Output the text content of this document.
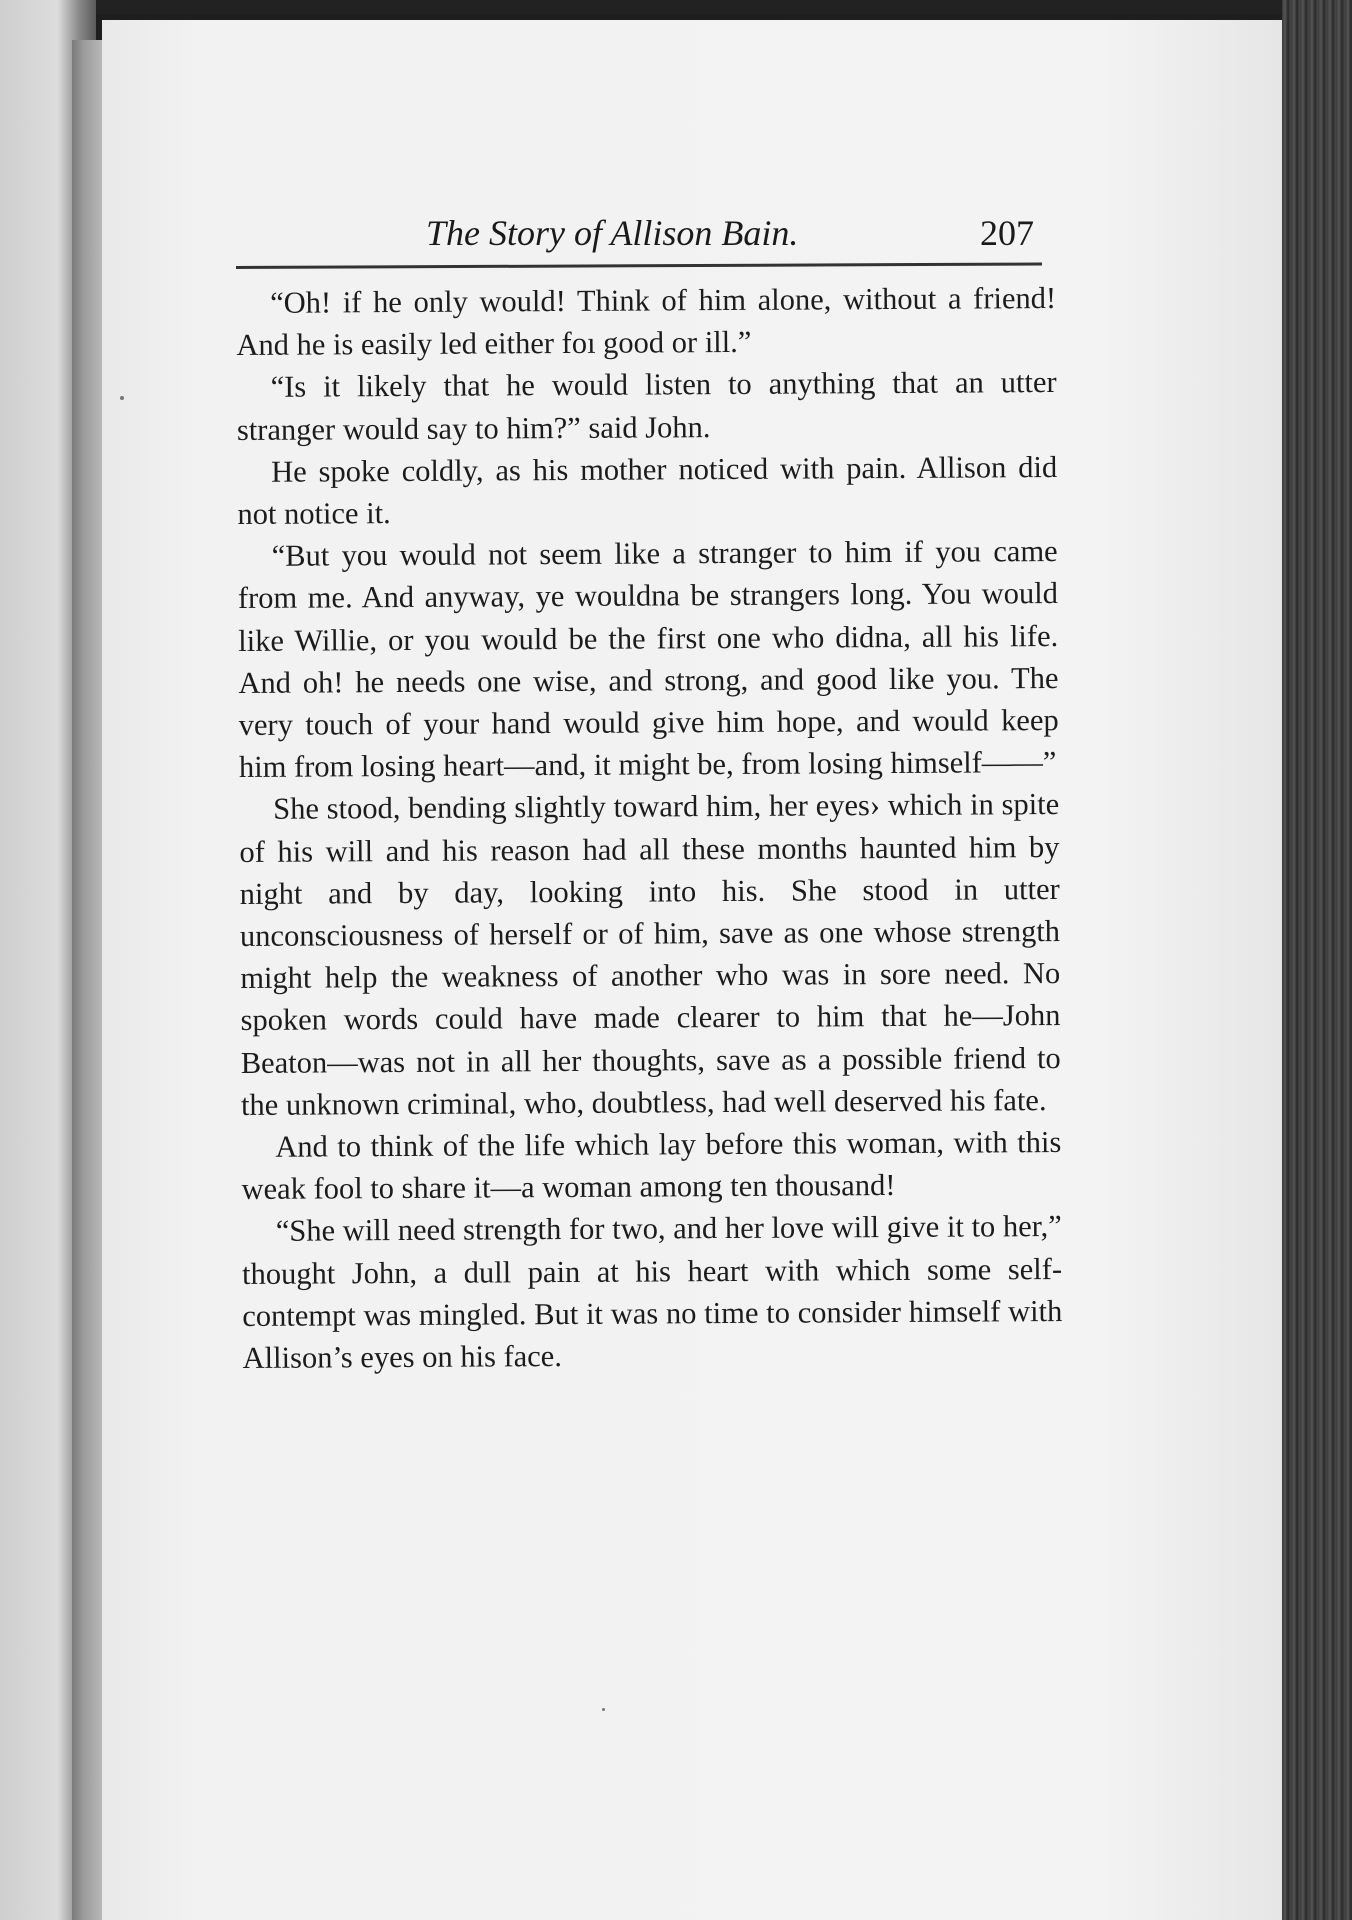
The Story of Allison Bain.	207

“Oh! if he only would! Think of him alone, without a friend! And he is easily led either foı good or ill.”

“Is it likely that he would listen to anything that an utter stranger would say to him?” said John.

He spoke coldly, as his mother noticed with pain. Allison did not notice it.

“But you would not seem like a stranger to him if you came from me. And anyway, ye wouldna be strangers long. You would like Willie, or you would be the first one who didna, all his life. And oh! he needs one wise, and strong, and good like you. The very touch of your hand would give him hope, and would keep him from losing heart—and, it might be, from losing himself——”

She stood, bending slightly toward him, her eyes› which in spite of his will and his reason had all these months haunted him by night and by day, looking into his. She stood in utter unconsciousness of herself or of him, save as one whose strength might help the weakness of another who was in sore need. No spoken words could have made clearer to him that he—John Beaton—was not in all her thoughts, save as a possible friend to the unknown criminal, who, doubtless, had well deserved his fate.

And to think of the life which lay before this woman, with this weak fool to share it—a woman among ten thousand!

“She will need strength for two, and her love will give it to her,” thought John, a dull pain at his heart with which some self-contempt was mingled. But it was no time to consider himself with Allison’s eyes on his face.
